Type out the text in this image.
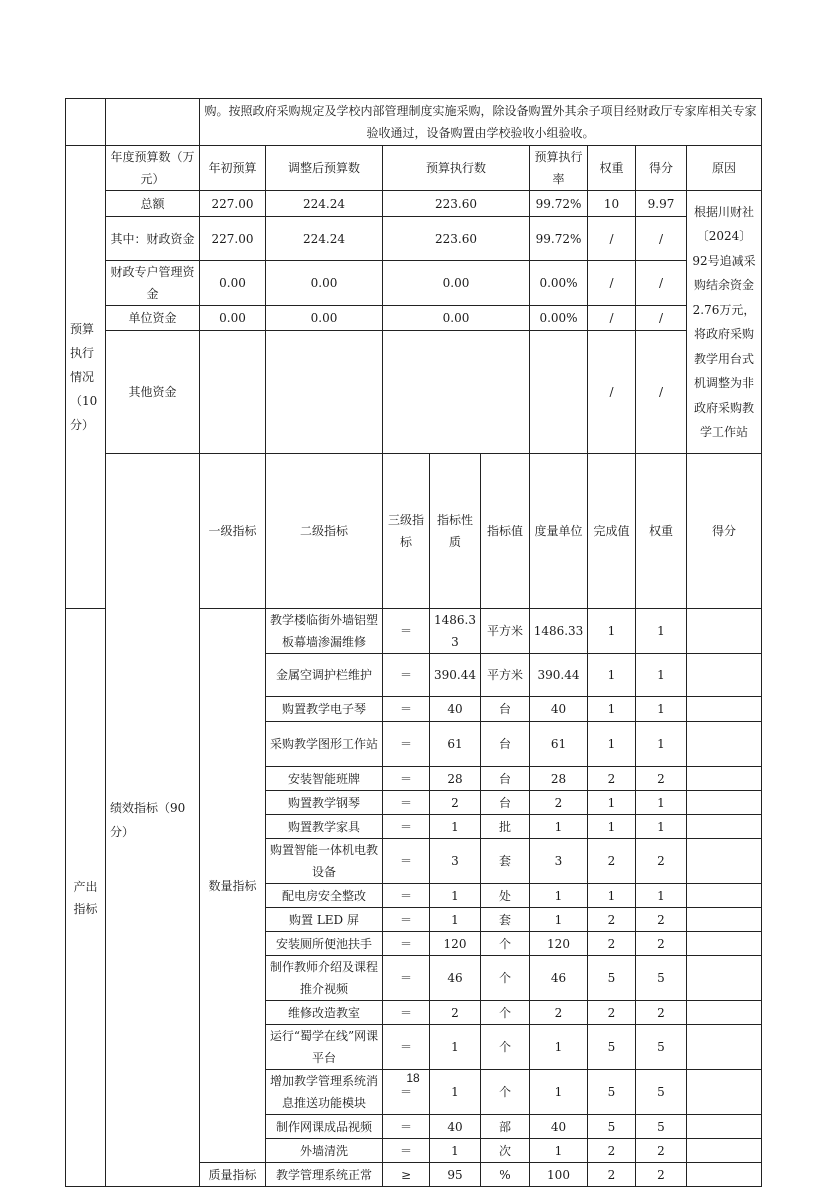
		购。按照政府采购规定及学校内部管理制度实施采购，除设备购置外其余子项目经财政厅专家库相关专家验收通过，设备购置由学校验收小组验收。									
预算执行情况（10分）	年度预算数（万元）	年初预算	调整后预算数	预算执行数			预算执行率	权重	得分	原因	
	总额	227.00	224.24	223.60			99.72%	10	9.97	根据川财社〔2024〕92号追减采购结余资金2.76万元，将政府采购教学用台式机调整为非政府采购教学工作站	
	其中：财政资金	227.00	224.24	223.60			99.72%	/	/		
	财政专户管理资金	0.00	0.00	0.00			0.00%	/	/		
	单位资金	0.00	0.00	0.00			0.00%	/	/		
	其他资金							/	/		
	绩效指标（90分）	一级指标	二级指标	三级指标	指标性质	指标值	度量单位	完成值	权重	得分	
产出指标		数量指标	教学楼临街外墙铝塑板幕墙渗漏维修	＝	1486.33	平方米	1486.33	1	1		
			金属空调护栏维护	＝	390.44	平方米	390.44	1	1		
			购置教学电子琴	＝	40	台	40	1	1		
			采购教学图形工作站	＝	61	台	61	1	1		
			安装智能班牌	＝	28	台	28	2	2		
			购置教学钢琴	＝	2	台	2	1	1		
			购置教学家具	＝	1	批	1	1	1		
			购置智能一体机电教设备	＝	3	套	3	2	2		
			配电房安全整改	＝	1	处	1	1	1		
			购置 LED 屏	＝	1	套	1	2	2		
			安装厕所便池扶手	＝	120	个	120	2	2		
			制作教师介绍及课程推介视频	＝	46	个	46	5	5		
			维修改造教室	＝	2	个	2	2	2		
			运行“蜀学在线”网课平台	＝	1	个	1	5	5		
			增加教学管理系统消息推送功能模块	＝	1	个	1	5	5		
			制作网课成品视频	＝	40	部	40	5	5		
			外墙清洗	＝	1	次	1	2	2		
		质量指标	教学管理系统正常	≥	95	%	100	2	2		
18
